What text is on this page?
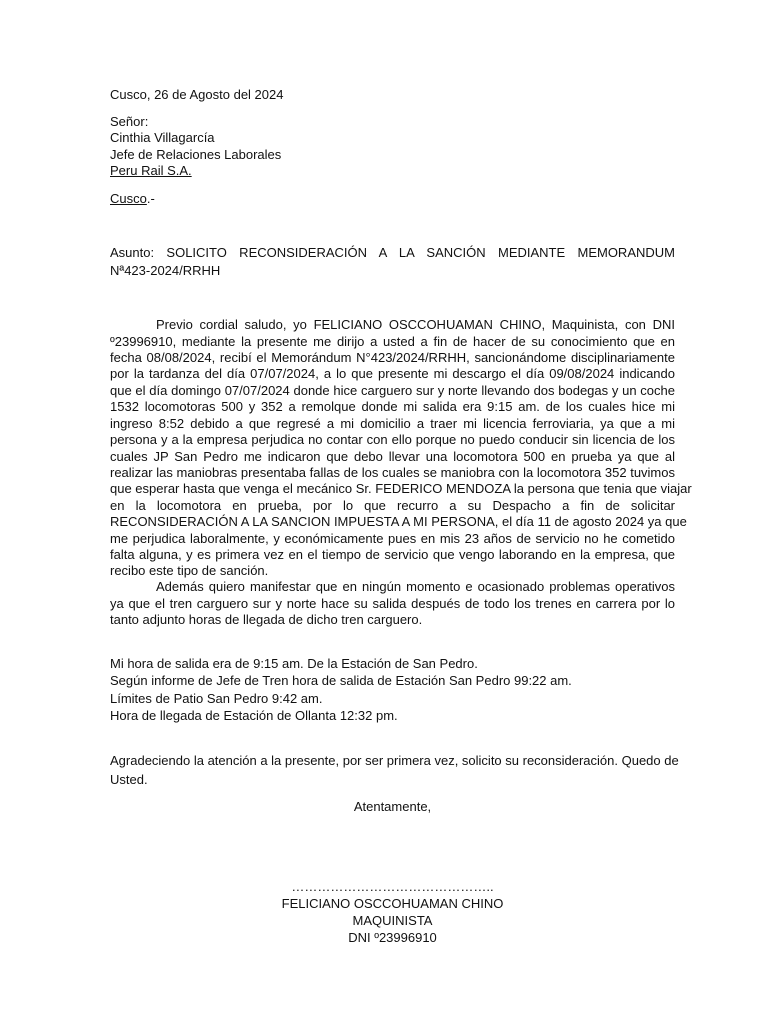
Cusco, 26 de Agosto del 2024
Señor:
Cinthia Villagarcía
Jefe de Relaciones Laborales
Peru Rail S.A.
Cusco.-
Asunto: SOLICITO RECONSIDERACIÓN A LA SANCIÓN MEDIANTE MEMORANDUM
Nª423-2024/RRHH
Previo cordial saludo, yo FELICIANO OSCCOHUAMAN CHINO, Maquinista, con DNI
º23996910, mediante la presente me dirijo a usted a fin de hacer de su conocimiento que en
fecha 08/08/2024, recibí el Memorándum N°423/2024/RRHH, sancionándome disciplinariamente
por la tardanza del día 07/07/2024, a lo que presente mi descargo el día 09/08/2024 indicando
que el día domingo 07/07/2024 donde hice carguero sur y norte llevando dos bodegas y un coche
1532 locomotoras 500 y 352 a remolque donde mi salida era 9:15 am. de los cuales hice mi
ingreso 8:52 debido a que regresé a mi domicilio a traer mi licencia ferroviaria, ya que a mi
persona y a la empresa perjudica no contar con ello porque no puedo conducir sin licencia de los
cuales JP San Pedro me indicaron que debo llevar una locomotora 500 en prueba ya que al
realizar las maniobras presentaba fallas de los cuales se maniobra con la locomotora 352 tuvimos
que esperar hasta que venga el mecánico Sr. FEDERICO MENDOZA la persona que tenia que viajar
en la locomotora en prueba, por lo que recurro a su Despacho a fin de solicitar
RECONSIDERACIÓN A LA SANCION IMPUESTA A MI PERSONA, el día 11 de agosto 2024 ya que
me perjudica laboralmente, y económicamente pues en mis 23 años de servicio no he cometido
falta alguna, y es primera vez en el tiempo de servicio que vengo laborando en la empresa, que
recibo este tipo de sanción.
Además quiero manifestar que en ningún momento e ocasionado problemas operativos
ya que el tren carguero sur y norte hace su salida después de todo los trenes en carrera por lo
tanto adjunto horas de llegada de dicho tren carguero.
Mi hora de salida era de 9:15 am. De la Estación de San Pedro.
Según informe de Jefe de Tren hora de salida de Estación San Pedro 99:22 am.
Límites de Patio San Pedro 9:42 am.
Hora de llegada de Estación de Ollanta 12:32 pm.
Agradeciendo la atención a la presente, por ser primera vez, solicito su reconsideración. Quedo de
Usted.
Atentamente,
………………………………………..
FELICIANO OSCCOHUAMAN CHINO
MAQUINISTA
DNI º23996910
